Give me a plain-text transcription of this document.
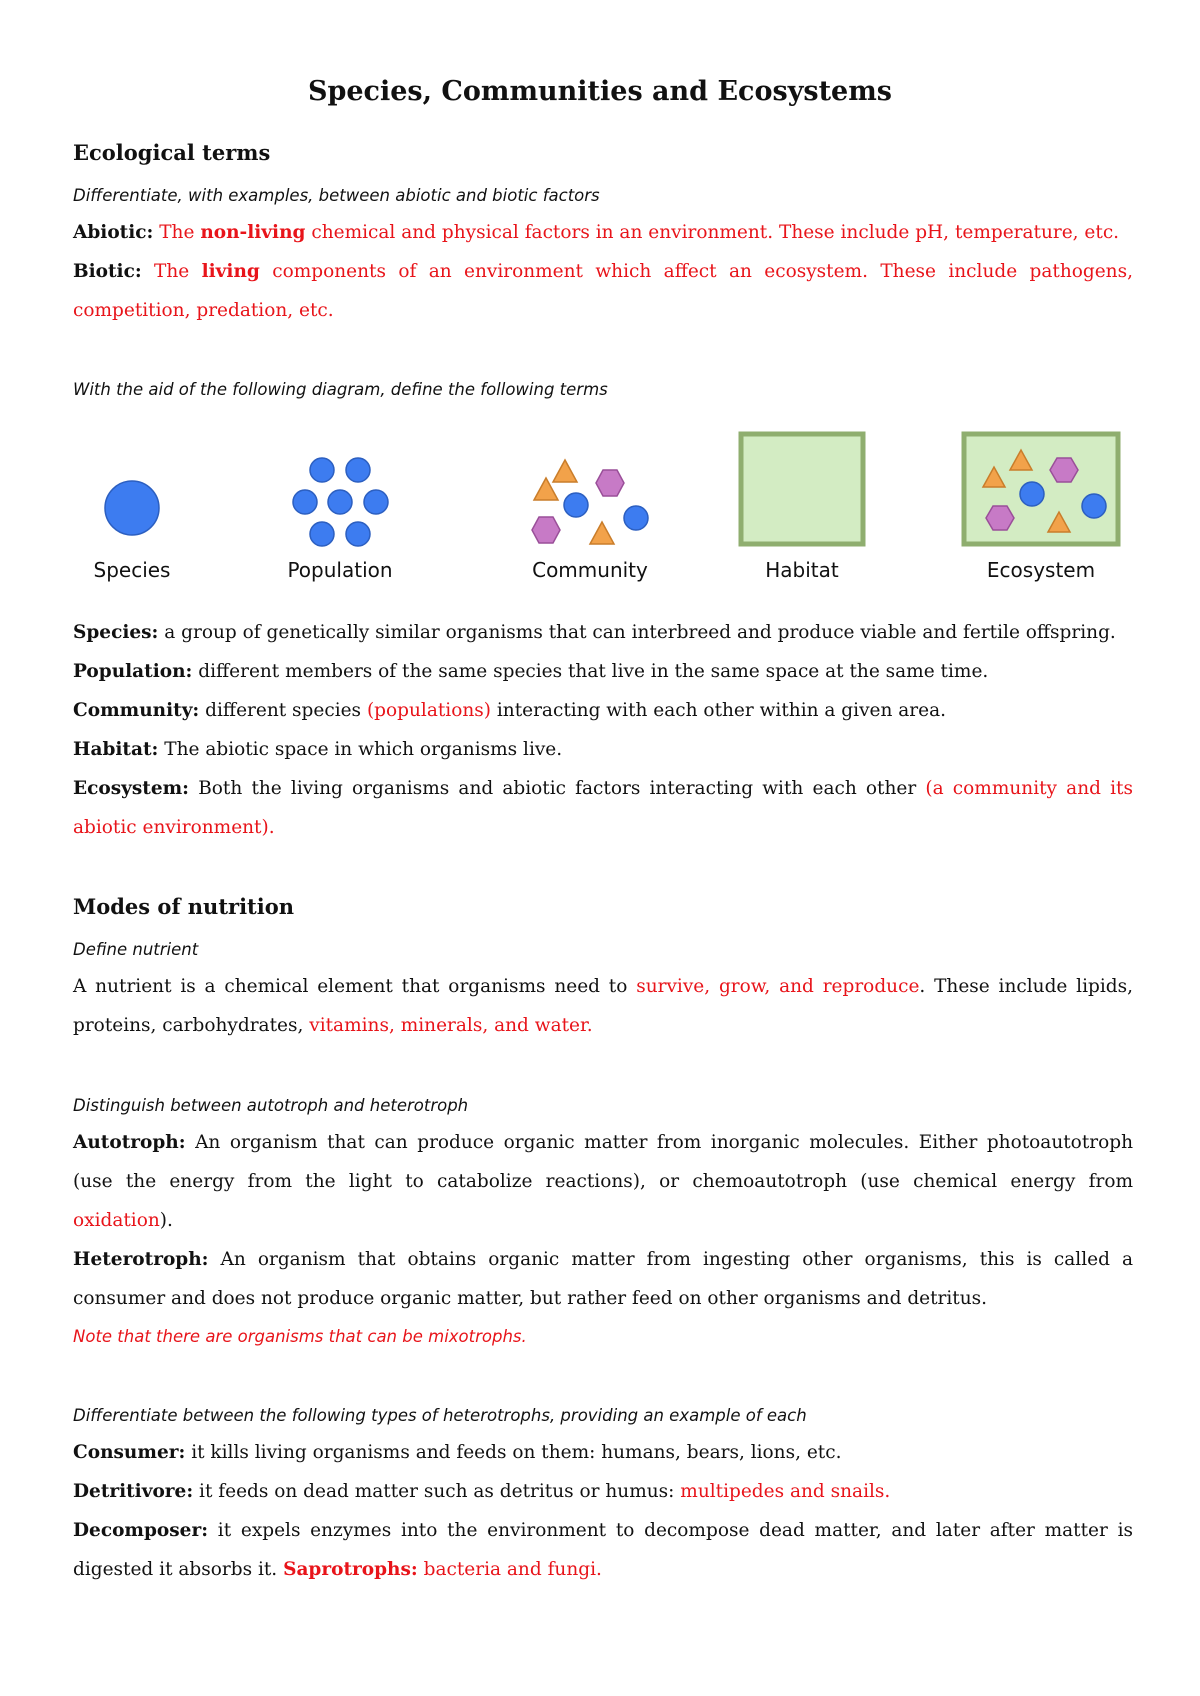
Species, Communities and Ecosystems
Ecological terms
Differentiate, with examples, between abiotic and biotic factors
Abiotic: The non-living chemical and physical factors in an environment. These include pH, temperature, etc.
Biotic: The living components of an environment which affect an ecosystem. These include pathogens,
competition, predation, etc.
With the aid of the following diagram, define the following terms
Species	Population	Community	Habitat	Ecosystem
Species: a group of genetically similar organisms that can interbreed and produce viable and fertile offspring.
Population: different members of the same species that live in the same space at the same time.
Community: different species (populations) interacting with each other within a given area.
Habitat: The abiotic space in which organisms live.
Ecosystem: Both the living organisms and abiotic factors interacting with each other (a community and its
abiotic environment).
Modes of nutrition
Define nutrient
A nutrient is a chemical element that organisms need to survive, grow, and reproduce. These include lipids,
proteins, carbohydrates, vitamins, minerals, and water.
Distinguish between autotroph and heterotroph
Autotroph: An organism that can produce organic matter from inorganic molecules. Either photoautotroph
(use the energy from the light to catabolize reactions), or chemoautotroph (use chemical energy from
oxidation).
Heterotroph: An organism that obtains organic matter from ingesting other organisms, this is called a
consumer and does not produce organic matter, but rather feed on other organisms and detritus.
Note that there are organisms that can be mixotrophs.
Differentiate between the following types of heterotrophs, providing an example of each
Consumer: it kills living organisms and feeds on them: humans, bears, lions, etc.
Detritivore: it feeds on dead matter such as detritus or humus: multipedes and snails.
Decomposer: it expels enzymes into the environment to decompose dead matter, and later after matter is
digested it absorbs it. Saprotrophs: bacteria and fungi.
